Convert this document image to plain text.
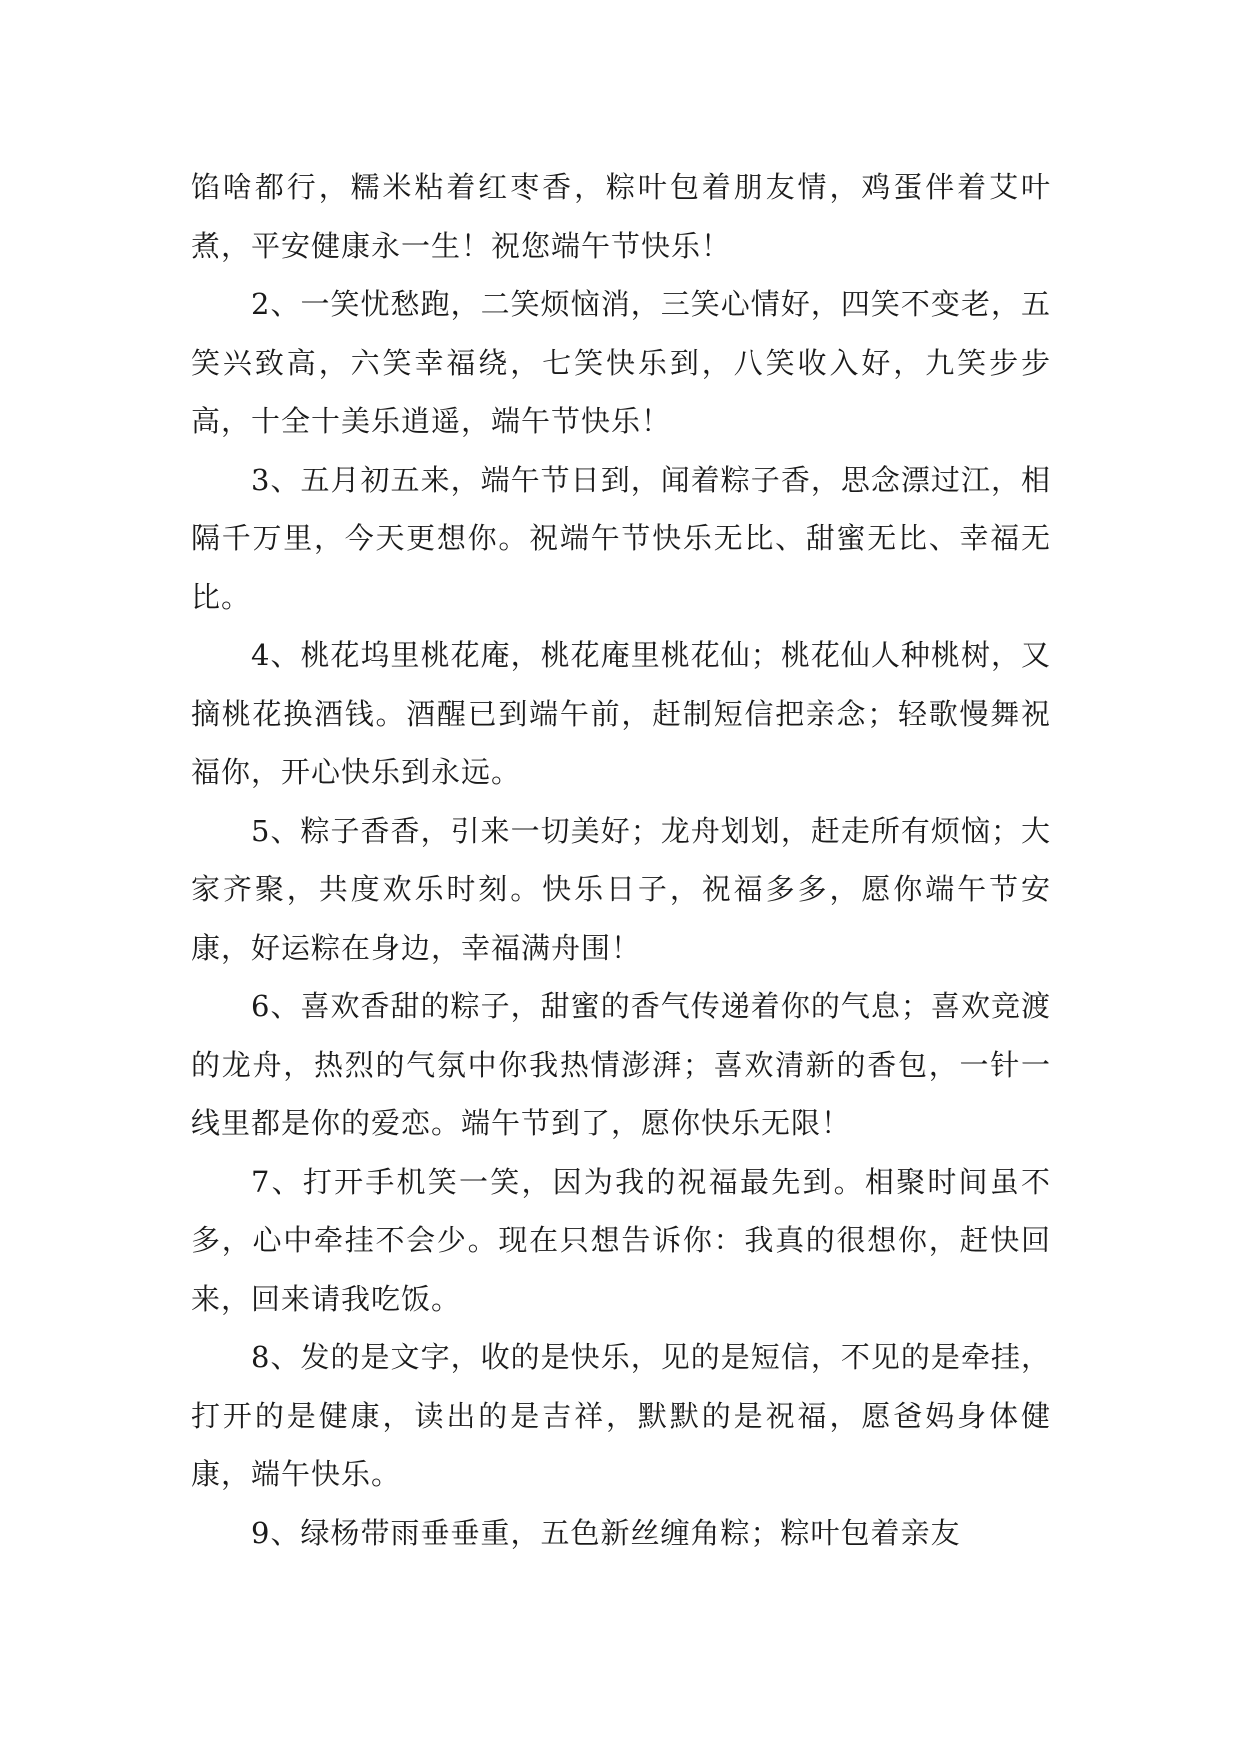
馅啥都行，糯米粘着红枣香，粽叶包着朋友情，鸡蛋伴着艾叶煮，平安健康永一生！祝您端午节快乐！

2、一笑忧愁跑，二笑烦恼消，三笑心情好，四笑不变老，五笑兴致高，六笑幸福绕，七笑快乐到，八笑收入好，九笑步步高，十全十美乐逍遥，端午节快乐！

3、五月初五来，端午节日到，闻着粽子香，思念漂过江，相隔千万里，今天更想你。祝端午节快乐无比、甜蜜无比、幸福无比。

4、桃花坞里桃花庵，桃花庵里桃花仙；桃花仙人种桃树，又摘桃花换酒钱。酒醒已到端午前，赶制短信把亲念；轻歌慢舞祝福你，开心快乐到永远。

5、粽子香香，引来一切美好；龙舟划划，赶走所有烦恼；大家齐聚，共度欢乐时刻。快乐日子，祝福多多，愿你端午节安康，好运粽在身边，幸福满舟围！

6、喜欢香甜的粽子，甜蜜的香气传递着你的气息；喜欢竞渡的龙舟，热烈的气氛中你我热情澎湃；喜欢清新的香包，一针一线里都是你的爱恋。端午节到了，愿你快乐无限！

7、打开手机笑一笑，因为我的祝福最先到。相聚时间虽不多，心中牵挂不会少。现在只想告诉你：我真的很想你，赶快回来，回来请我吃饭。

8、发的是文字，收的是快乐，见的是短信，不见的是牵挂，打开的是健康，读出的是吉祥，默默的是祝福，愿爸妈身体健康，端午快乐。

9、绿杨带雨垂垂重，五色新丝缠角粽；粽叶包着亲友
